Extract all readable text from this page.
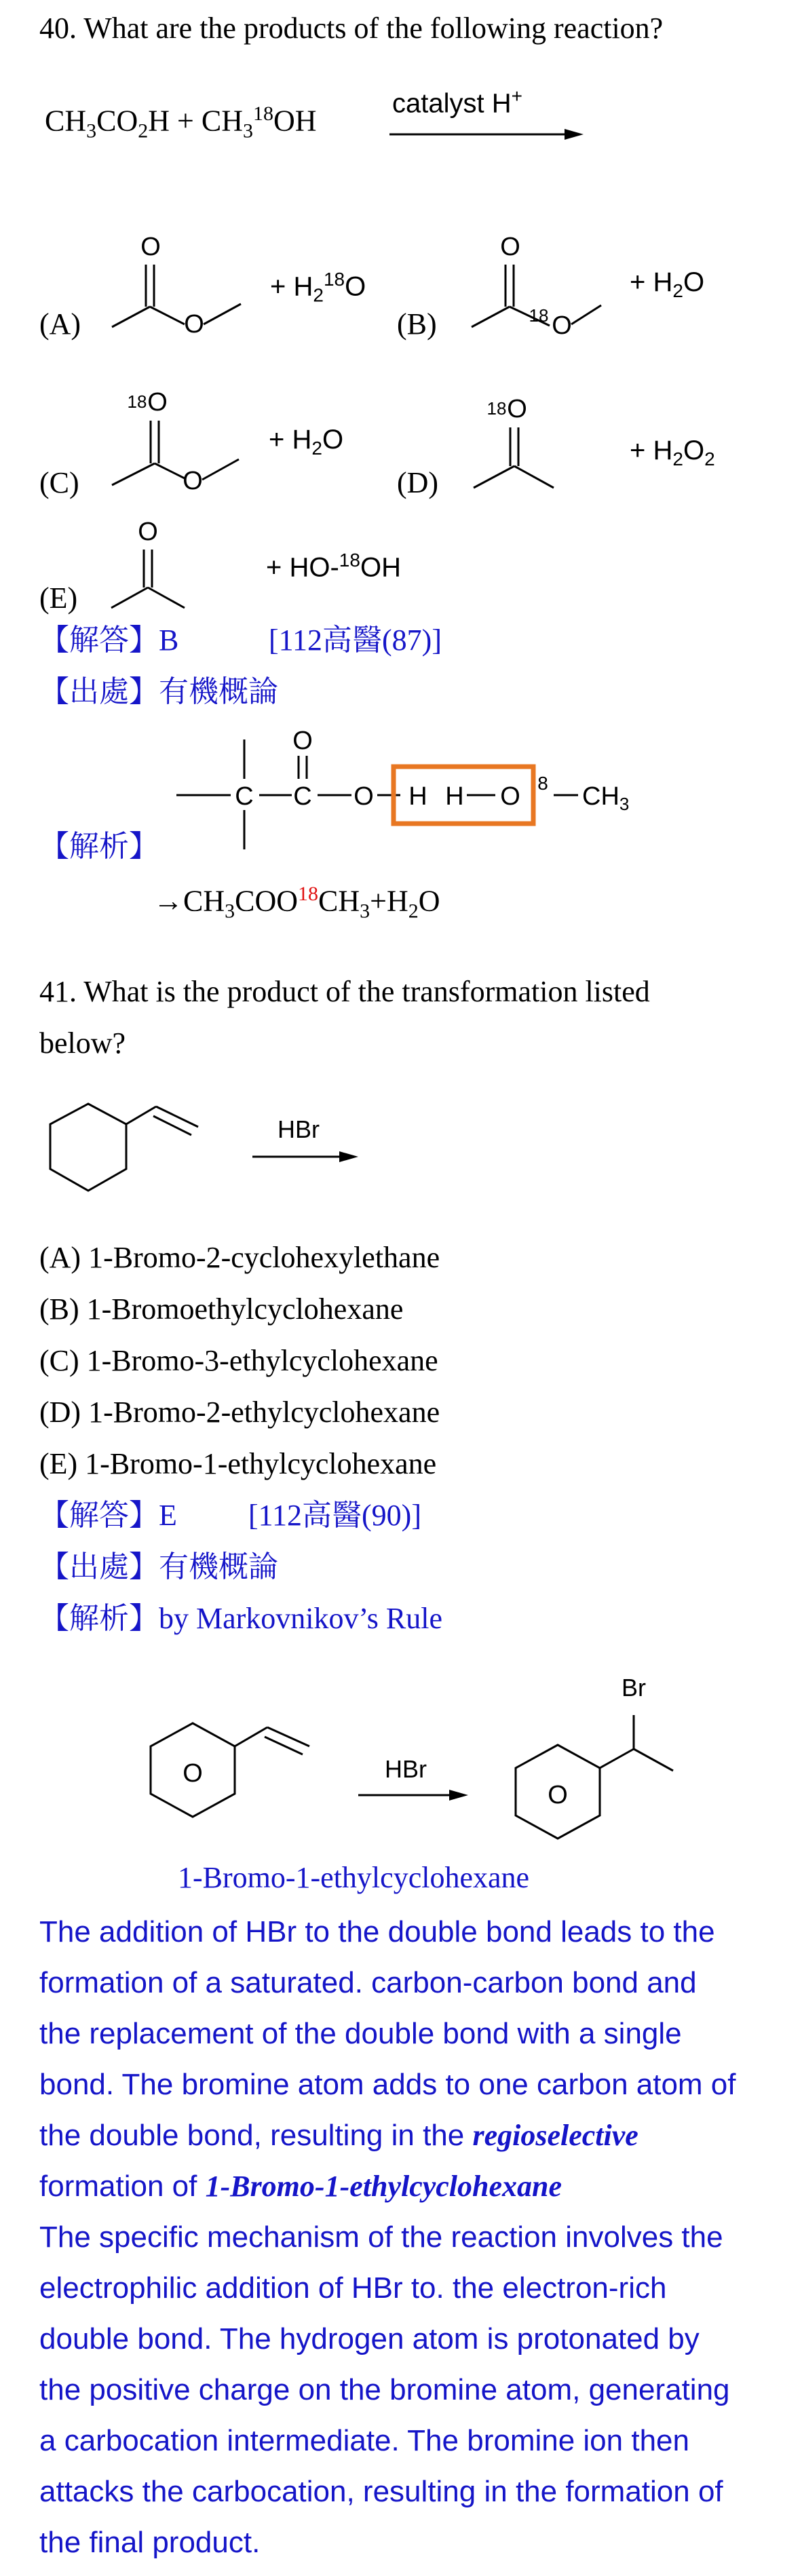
40. What are the products of the following reaction?
$CH_3CO_2H + CH_3^{18}OH$
catalyst H+
(A)
O
O
+ $H_2^{18}O$
(B)
O
18 O
+ $H_2O$
(C)
18 O
O
+ $H_2O$
(D)
18 O
+ $H_2O_2$
(E)
O
+ HO-$^{18}$OH
【解答】B	[112高醫(87)]
【出處】有機概論
【解析】
C C
O
O H H O 8 $CH_3$
$\to CH_3COO^{18}CH_3+H_2O$
41. What is the product of the transformation listed
below?
HBr
(A) 1-Bromo-2-cyclohexylethane
(B) 1-Bromoethylcyclohexane
(C) 1-Bromo-3-ethylcyclohexane
(D) 1-Bromo-2-ethylcyclohexane
(E) 1-Bromo-1-ethylcyclohexane
【解答】E [112高醫(90)]
【出處】有機概論
【解析】by Markovnikov’s Rule
O	HBr
O
Br
1-Bromo-1-ethylcyclohexane
The addition of HBr to the double bond leads to the
formation of a saturated. carbon-carbon bond and
the replacement of the double bond with a single
bond. The bromine atom adds to one carbon atom of
the double bond, resulting in the regioselective
formation of 1-Bromo-1-ethylcyclohexane
The specific mechanism of the reaction involves the
electrophilic addition of HBr to. the electron-rich
double bond. The hydrogen atom is protonated by
the positive charge on the bromine atom, generating
a carbocation intermediate. The bromine ion then
attacks the carbocation, resulting in the formation of
the final product.
